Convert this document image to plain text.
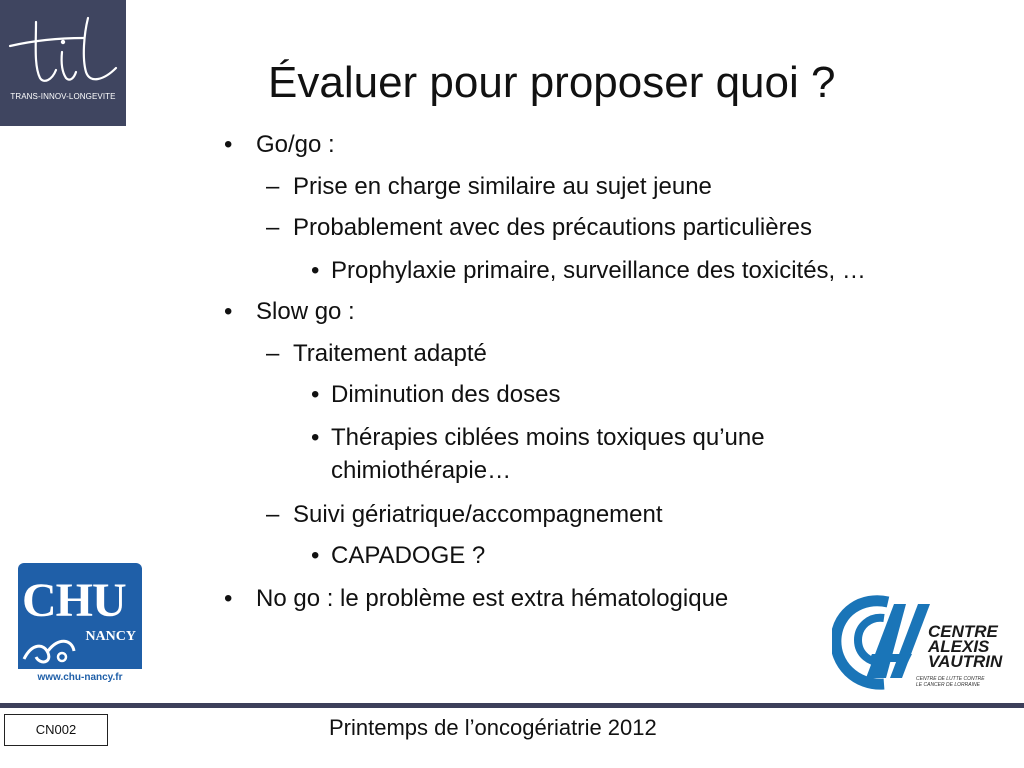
TRANS-INNOV-LONGEVITE	Évaluer pour proposer quoi ?
• Go/go :
– Prise en charge similaire au sujet jeune
– Probablement avec des précautions particulières
• Prophylaxie primaire, surveillance des toxicités, …
• Slow go :
– Traitement adapté
• Diminution des doses
• Thérapies ciblées moins toxiques qu’une
chimiothérapie…
– Suivi gériatrique/accompagnement
• CAPADOGE ?
• No go : le problème est extra hématologique
CHU
NANCY
www.chu-nancy.fr
CENTRE
ALEXIS
VAUTRIN
CENTRE DE LUTTE CONTRE
LE CANCER DE LORRAINE
CN002	Printemps de l’oncogériatrie 2012
